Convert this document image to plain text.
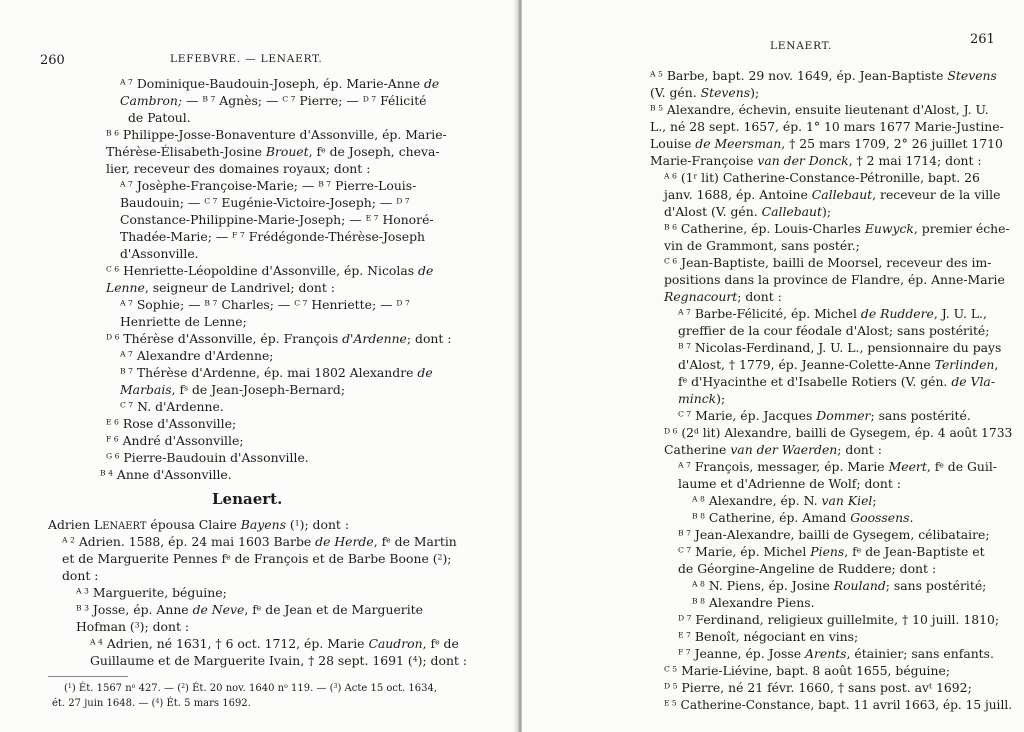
260	LEFEBVRE. — LENAERT.
$^{A 7}$ Dominique-Baudouin-Joseph, ép. Marie-Anne de
Cambron; — $^{B 7}$ Agnès; — $^{C 7}$ Pierre; — $^{D 7}$ Félicité
de Patoul.
$^{B 6}$ Philippe-Josse-Bonaventure d'Assonville, ép. Marie-
Thérèse-Élisabeth-Josine Brouet, $f^e$ de Joseph, cheva-
lier, receveur des domaines royaux; dont :
$^{A 7}$ Josèphe-Françoise-Marie; — $^{B 7}$ Pierre-Louis-
Baudouin; — $^{C 7}$ Eugénie-Victoire-Joseph; — $^{D 7}$
Constance-Philippine-Marie-Joseph; — $^{E 7}$ Honoré-
Thadée-Marie; — $^{F 7}$ Frédégonde-Thérèse-Joseph
d'Assonville.
$^{C 6}$ Henriette-Léopoldine d'Assonville, ép. Nicolas de
Lenne, seigneur de Landrivel; dont :
$^{A 7}$ Sophie; — $^{B 7}$ Charles; — $^{C 7}$ Henriette; — $^{D 7}$
Henriette de Lenne;
$^{D 6}$ Thérèse d'Assonville, ép. François d'Ardenne; dont :
$^{A 7}$ Alexandre d'Ardenne;
$^{B 7}$ Thérèse d'Ardenne, ép. mai 1802 Alexandre de
Marbais, $f^s$ de Jean-Joseph-Bernard;
$^{C 7}$ N. d'Ardenne.
$^{E 6}$ Rose d'Assonville;
$^{F 6}$ André d'Assonville;
$^{G 6}$ Pierre-Baudouin d'Assonville.
$^{B 4}$ Anne d'Assonville.
Lenaert.
Adrien LENAERT épousa Claire Bayens ($^1$); dont :
$^{A 2}$ Adrien. 1588, ép. 24 mai 1603 Barbe de Herde, $f^e$ de Martin
et de Marguerite Pennes $f^e$ de François et de Barbe Boone ($^2$);
dont :
$^{A 3}$ Marguerite, béguine;
$^{B 3}$ Josse, ép. Anne de Neve, $f^e$ de Jean et de Marguerite
Hofman ($^3$); dont :
$^{A 4}$ Adrien, né 1631, † 6 oct. 1712, ép. Marie Caudron, $f^e$ de
Guillaume et de Marguerite Ivain, † 28 sept. 1691 ($^4$); dont :
($^1$) Ét. 1567 $n^o$ 427. — ($^2$) Ét. 20 nov. 1640 $n^o$ 119. — ($^3$) Acte 15 oct. 1634,
ét. 27 juin 1648. — ($^4$) Ét. 5 mars 1692.
LENAERT.	261
$^{A 5}$ Barbe, bapt. 29 nov. 1649, ép. Jean-Baptiste Stevens
(V. gén. Stevens);
$^{B 5}$ Alexandre, échevin, ensuite lieutenant d'Alost, J. U.
L., né 28 sept. 1657, ép. 1° 10 mars 1677 Marie-Justine-
Louise de Meersman, † 25 mars 1709, 2° 26 juillet 1710
Marie-Françoise van der Donck, † 2 mai 1714; dont :
$^{A 6}$ (1$^r$ lit) Catherine-Constance-Pétronille, bapt. 26
janv. 1688, ép. Antoine Callebaut, receveur de la ville
d'Alost (V. gén. Callebaut);
$^{B 6}$ Catherine, ép. Louis-Charles Euwyck, premier éche-
vin de Grammont, sans postér.;
$^{C 6}$ Jean-Baptiste, bailli de Moorsel, receveur des im-
positions dans la province de Flandre, ép. Anne-Marie
Regnacourt; dont :
$^{A 7}$ Barbe-Félicité, ép. Michel de Ruddere, J. U. L.,
greffier de la cour féodale d'Alost; sans postérité;
$^{B 7}$ Nicolas-Ferdinand, J. U. L., pensionnaire du pays
d'Alost, † 1779, ép. Jeanne-Colette-Anne Terlinden,
$f^e$ d'Hyacinthe et d'Isabelle Rotiers (V. gén. de Vla-
minck);
$^{C 7}$ Marie, ép. Jacques Dommer; sans postérité.
$^{D 6}$ (2$^d$ lit) Alexandre, bailli de Gysegem, ép. 4 août 1733
Catherine van der Waerden; dont :
$^{A 7}$ François, messager, ép. Marie Meert, $f^e$ de Guil-
laume et d'Adrienne de Wolf; dont :
$^{A 8}$ Alexandre, ép. N. van Kiel;
$^{B 8}$ Catherine, ép. Amand Goossens.
$^{B 7}$ Jean-Alexandre, bailli de Gysegem, célibataire;
$^{C 7}$ Marie, ép. Michel Piens, $f^e$ de Jean-Baptiste et
de Géorgine-Angeline de Ruddere; dont :
$^{A 8}$ N. Piens, ép. Josine Rouland; sans postérité;
$^{B 8}$ Alexandre Piens.
$^{D 7}$ Ferdinand, religieux guillelmite, † 10 juill. 1810;
$^{E 7}$ Benoît, négociant en vins;
$^{F 7}$ Jeanne, ép. Josse Arents, étainier; sans enfants.
$^{C 5}$ Marie-Liévine, bapt. 8 août 1655, béguine;
$^{D 5}$ Pierre, né 21 févr. 1660, † sans post. $av^t$ 1692;
$^{E 5}$ Catherine-Constance, bapt. 11 avril 1663, ép. 15 juill.
